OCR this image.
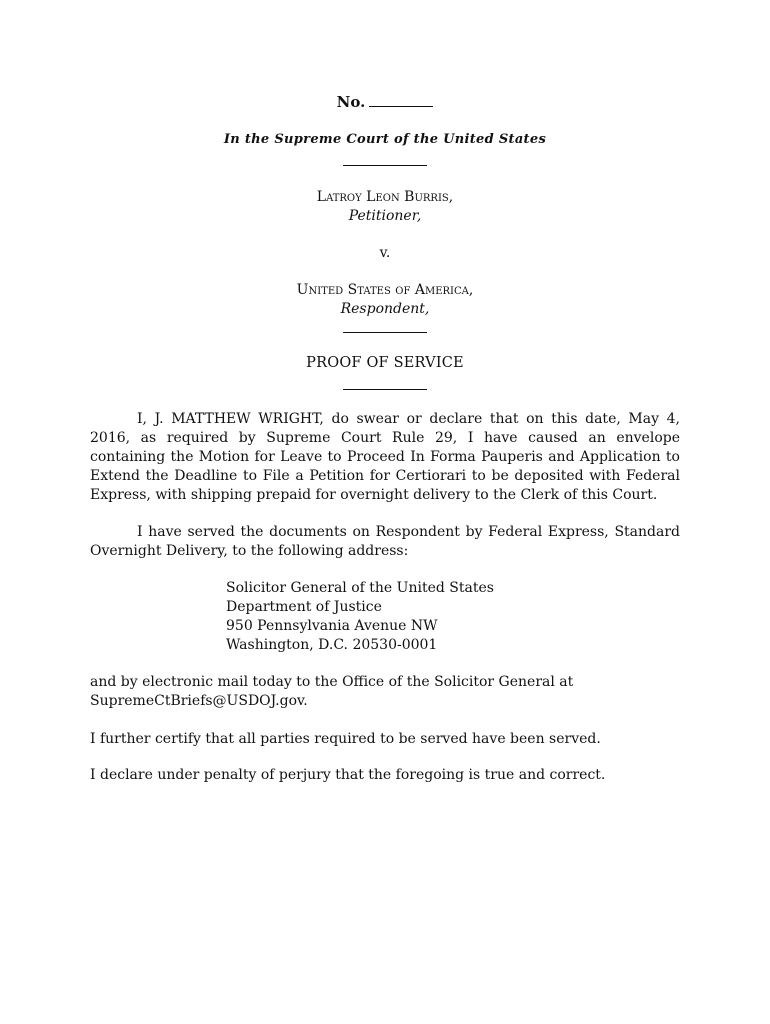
No.
In the Supreme Court of the United States
Latroy Leon Burris,
Petitioner,
v.
United States of America,
Respondent,
PROOF OF SERVICE

I, J. MATTHEW WRIGHT, do swear or declare that on this date, May 4, 2016, as required by Supreme Court Rule 29, I have caused an envelope containing the Motion for Leave to Proceed In Forma Pauperis and Application to Extend the Deadline to File a Petition for Certiorari to be deposited with Federal Express, with shipping prepaid for overnight delivery to the Clerk of this Court.

I have served the documents on Respondent by Federal Express, Standard Overnight Delivery, to the following address:

Solicitor General of the United States
Department of Justice
950 Pennsylvania Avenue NW
Washington, D.C. 20530-0001
and by electronic mail today to the Office of the Solicitor General at
SupremeCtBriefs@USDOJ.gov.
I further certify that all parties required to be served have been served.
I declare under penalty of perjury that the foregoing is true and correct.
